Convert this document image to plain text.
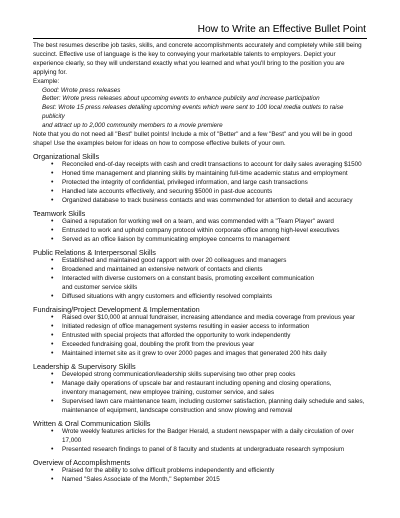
How to Write an Effective Bullet Point

The best resumes describe job tasks, skills, and concrete accomplishments accurately and completely while still being succinct. Effective use of language is the key to conveying your marketable talents to employers. Depict your experience clearly, so they will understand exactly what you learned and what you'll bring to the position you are applying for.

Example:

Good: Wrote press releases

Better: Wrote press releases about upcoming events to enhance publicity and increase participation

Best: Wrote 15 press releases detailing upcoming events which were sent to 100 local media outlets to raise publicity

and attract up to 2,000 community members to a movie premiere

Note that you do not need all "Best" bullet points! Include a mix of "Better" and a few "Best" and you will be in good shape! Use the examples below for ideas on how to compose effective bullets of your own.

Organizational Skills

• Reconciled end-of-day receipts with cash and credit transactions to account for daily sales averaging $1500
• Honed time management and planning skills by maintaining full-time academic status and employment
• Protected the integrity of confidential, privileged information, and large cash transactions
• Handled late accounts effectively, and securing $5000 in past-due accounts
• Organized database to track business contacts and was commended for attention to detail and accuracy

Teamwork Skills

• Gained a reputation for working well on a team, and was commended with a "Team Player" award
• Entrusted to work and uphold company protocol within corporate office among high-level executives
• Served as an office liaison by communicating employee concerns to management

Public Relations & Interpersonal Skills

• Established and maintained good rapport with over 20 colleagues and managers
• Broadened and maintained an extensive network of contacts and clients
• Interacted with diverse customers on a constant basis, promoting excellent communication
and customer service skills
• Diffused situations with angry customers and efficiently resolved complaints

Fundraising/Project Development & Implementation

• Raised over $10,000 at annual fundraiser, increasing attendance and media coverage from previous year
• Initiated redesign of office management systems resulting in easier access to information
• Entrusted with special projects that afforded the opportunity to work independently
• Exceeded fundraising goal, doubling the profit from the previous year
• Maintained internet site as it grew to over 2000 pages and images that generated 200 hits daily

Leadership & Supervisory Skills

• Developed strong communication/leadership skills supervising two other prep cooks
• Manage daily operations of upscale bar and restaurant including opening and closing operations,
inventory management, new employee training, customer service, and sales
• Supervised lawn care maintenance team, including customer satisfaction, planning daily schedule and sales,
maintenance of equipment, landscape construction and snow plowing and removal

Written & Oral Communication Skills

• Wrote weekly features articles for the Badger Herald, a student newspaper with a daily circulation of over 17,000
• Presented research findings to panel of 8 faculty and students at undergraduate research symposium

Overview of Accomplishments

• Praised for the ability to solve difficult problems independently and efficiently
• Named "Sales Associate of the Month," September 2015
